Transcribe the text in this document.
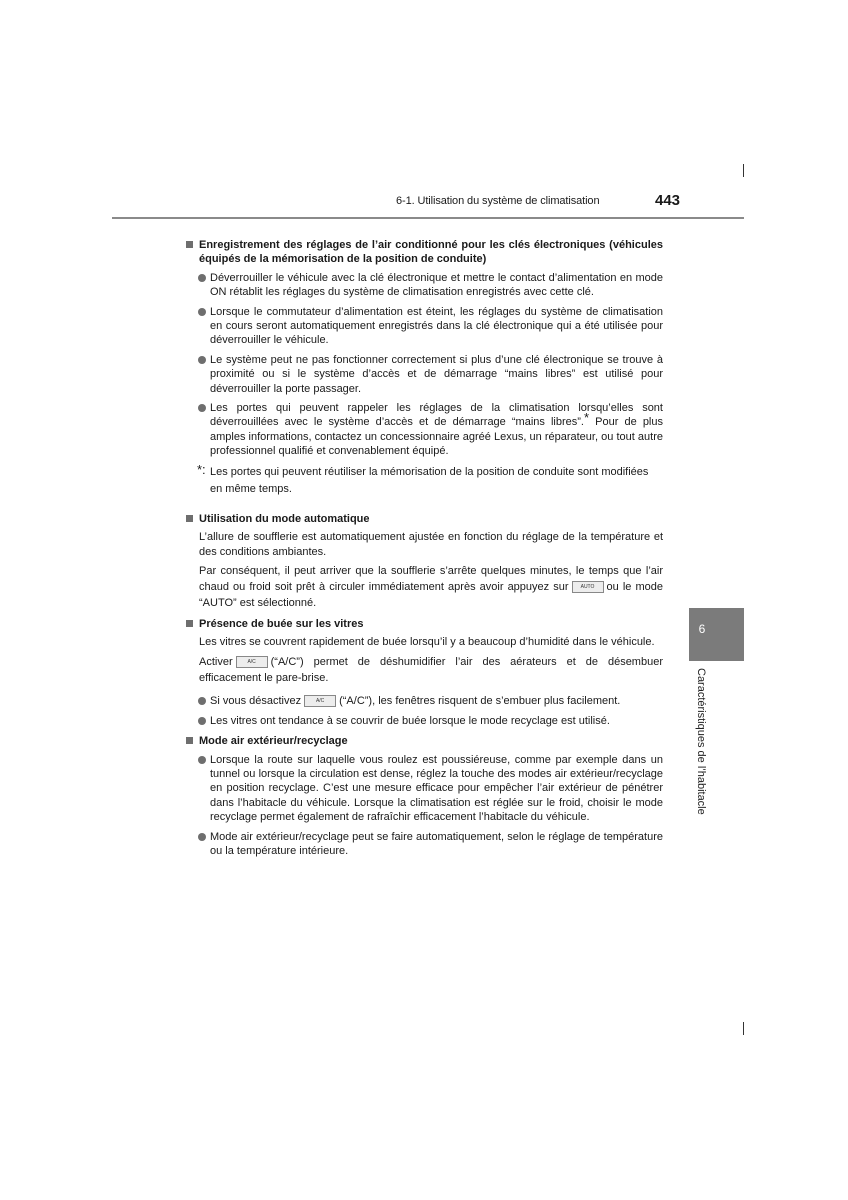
6-1. Utilisation du système de climatisation	443
6
Caractéristiques de l’habitacle
Enregistrement des réglages de l’air conditionné pour les clés électroniques (véhicules équipés de la mémorisation de la position de conduite)
Déverrouiller le véhicule avec la clé électronique et mettre le contact d’alimentation en mode ON rétablit les réglages du système de climatisation enregistrés avec cette clé.
Lorsque le commutateur d’alimentation est éteint, les réglages du système de climatisation en cours seront automatiquement enregistrés dans la clé électronique qui a été utilisée pour déverrouiller le véhicule.
Le système peut ne pas fonctionner correctement si plus d’une clé électronique se trouve à proximité ou si le système d’accès et de démarrage “mains libres” est utilisé pour déverrouiller la porte passager.
Les portes qui peuvent rappeler les réglages de la climatisation lorsqu’elles sont déverrouillées avec le système d’accès et de démarrage “mains libres”.* Pour de plus amples informations, contactez un concessionnaire agréé Lexus, un réparateur, ou tout autre professionnel qualifié et convenablement équipé.
*: Les portes qui peuvent réutiliser la mémorisation de la position de conduite sont modifiées en même temps.
Utilisation du mode automatique
L’allure de soufflerie est automatiquement ajustée en fonction du réglage de la température et des conditions ambiantes.
Par conséquent, il peut arriver que la soufflerie s’arrête quelques minutes, le temps que l’air chaud ou froid soit prêt à circuler immédiatement après avoir appuyez sur AUTO ou le mode “AUTO” est sélectionné.
Présence de buée sur les vitres
Les vitres se couvrent rapidement de buée lorsqu’il y a beaucoup d’humidité dans le véhicule.
Activer	A/C (“A/C”) permet de déshumidifier l’air des aérateurs et de désembuer efficacement le pare-brise.
Si vous désactivez	A/C (“A/C”), les fenêtres risquent de s’embuer plus facilement.
Les vitres ont tendance à se couvrir de buée lorsque le mode recyclage est utilisé.
Mode air extérieur/recyclage
Lorsque la route sur laquelle vous roulez est poussiéreuse, comme par exemple dans un tunnel ou lorsque la circulation est dense, réglez la touche des modes air extérieur/recyclage en position recyclage. C’est une mesure efficace pour empêcher l’air extérieur de pénétrer dans l’habitacle du véhicule. Lorsque la climatisation est réglée sur le froid, choisir le mode recyclage permet également de rafraîchir efficacement l’habitacle du véhicule.
Mode air extérieur/recyclage peut se faire automatiquement, selon le réglage de température ou la température intérieure.
